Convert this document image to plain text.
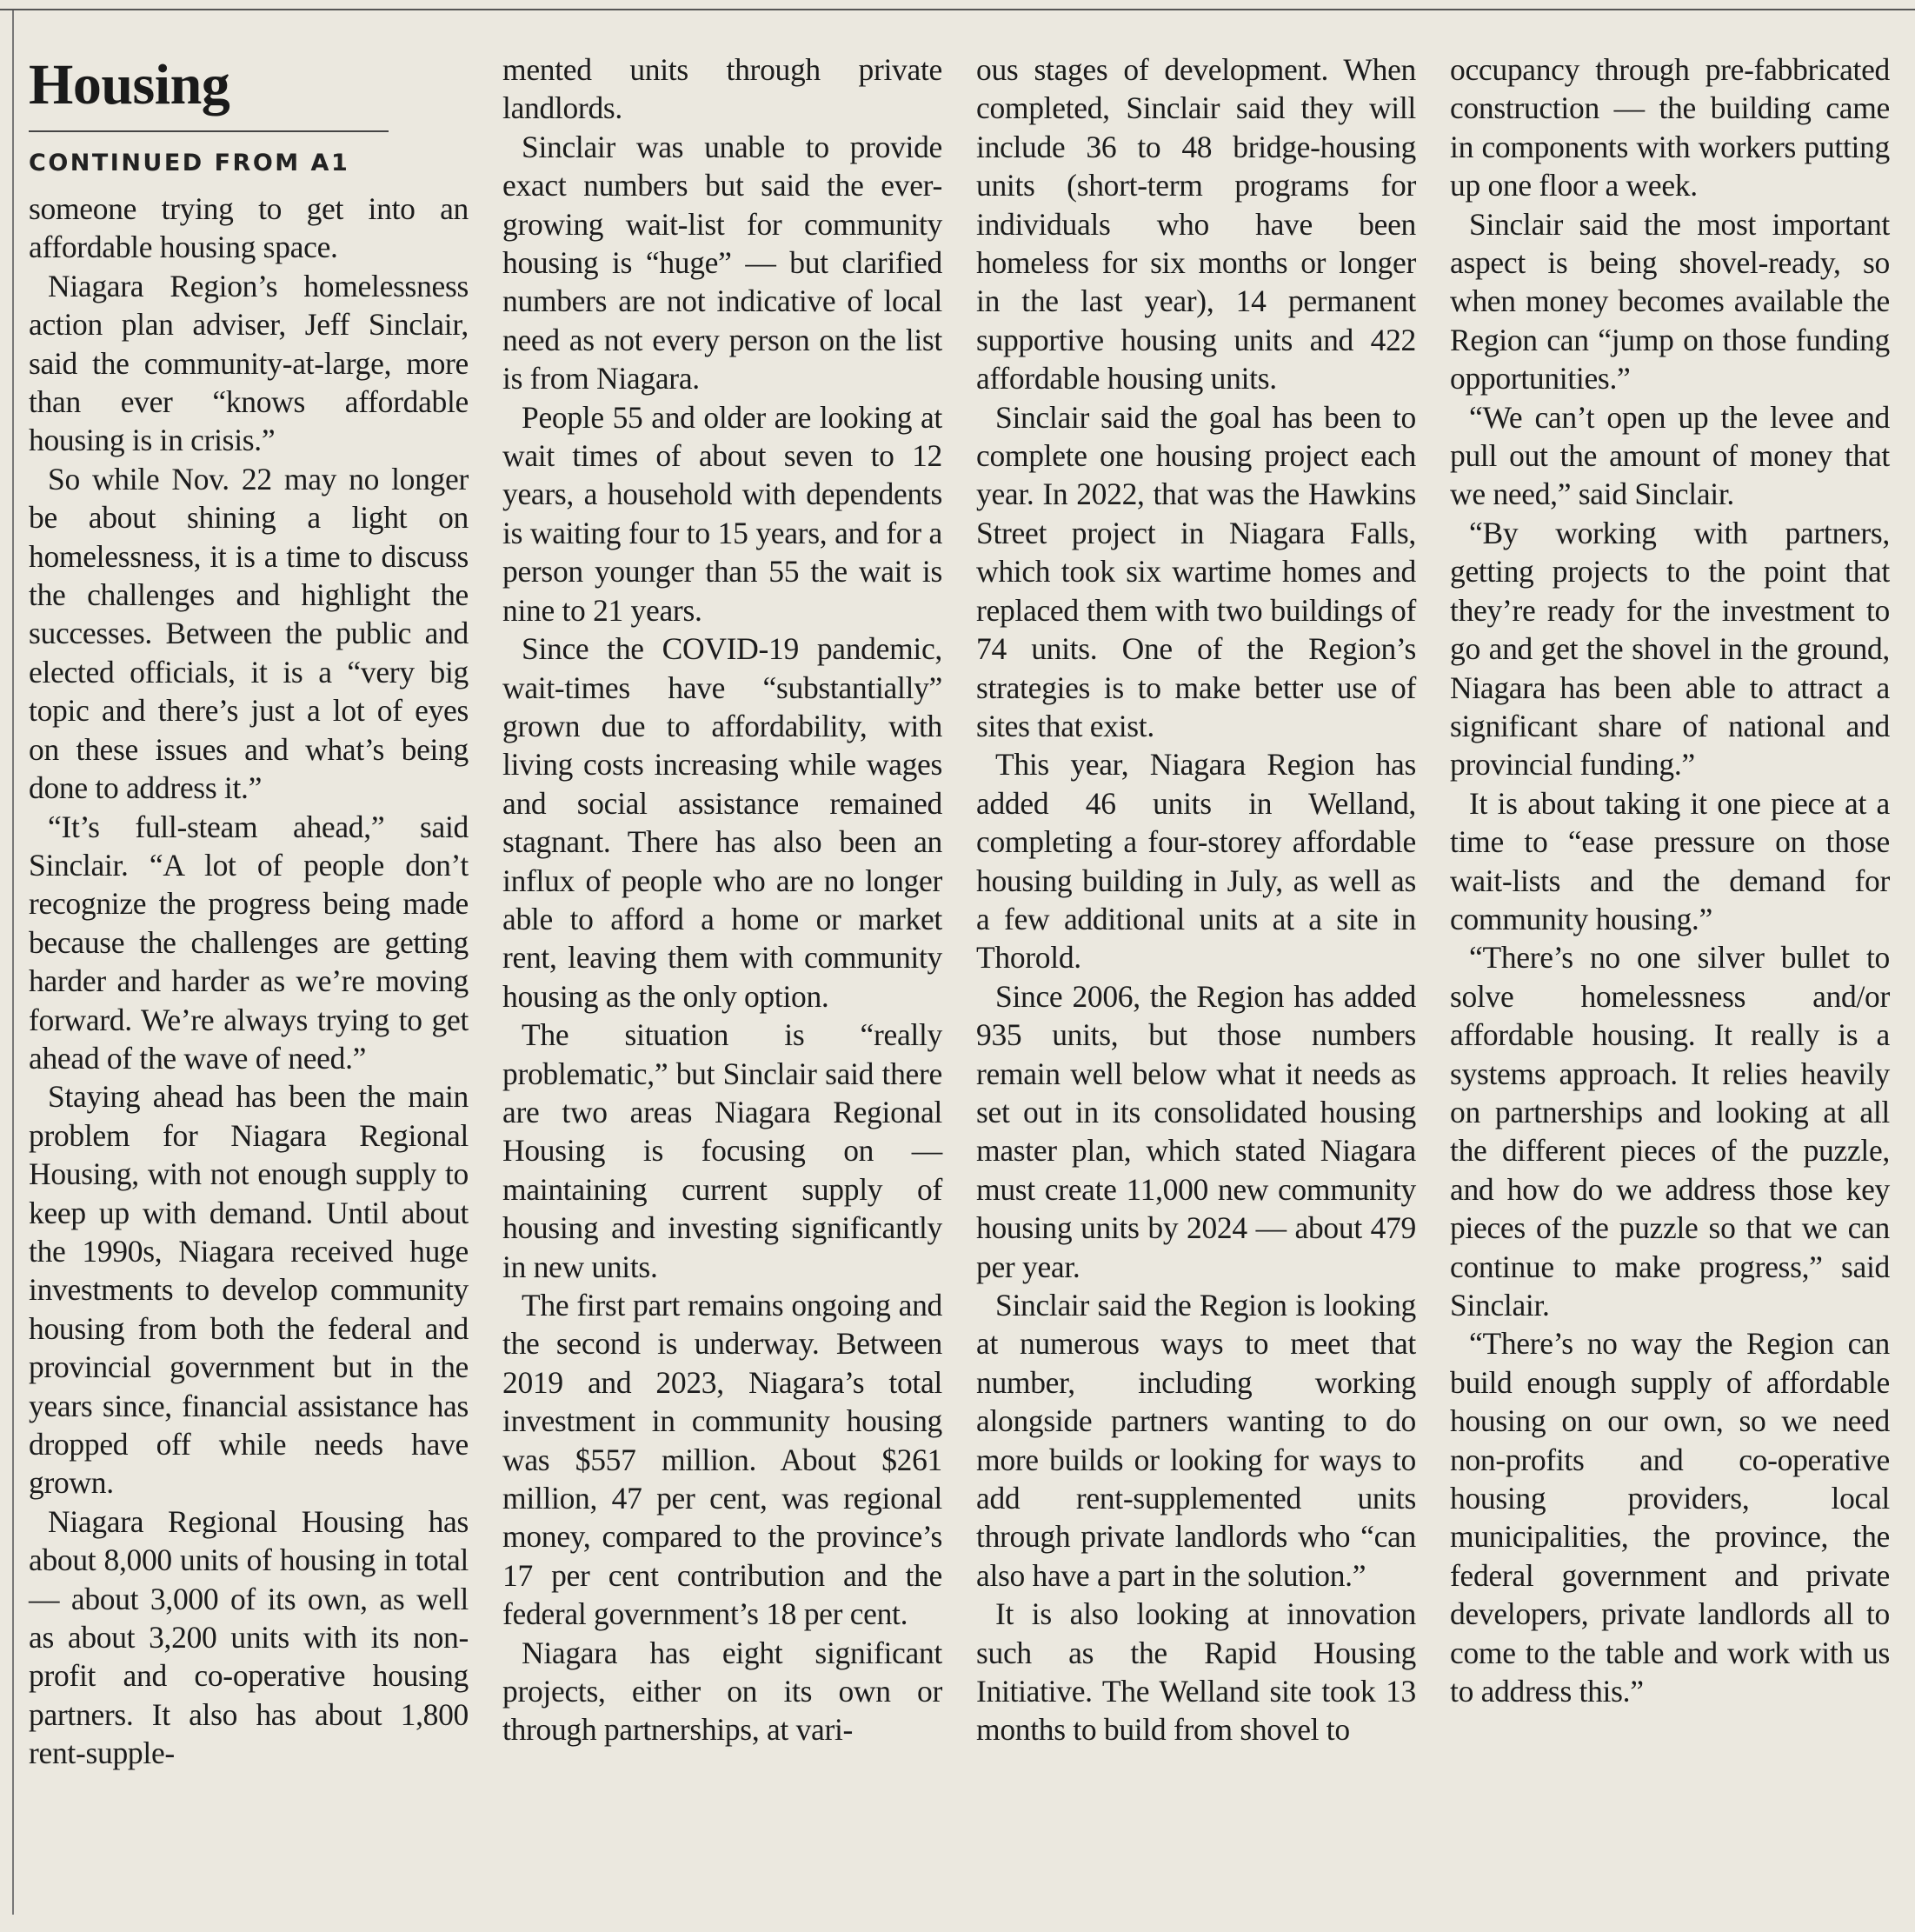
Housing
CONTINUED FROM A1

someone trying to get into an affordable housing space.

Niagara Region’s homelessness action plan adviser, Jeff Sinclair, said the community-at-large, more than ever “knows affordable housing is in crisis.”

So while Nov. 22 may no longer be about shining a light on homelessness, it is a time to discuss the challenges and highlight the successes. Between the public and elected officials, it is a “very big topic and there’s just a lot of eyes on these issues and what’s being done to address it.”

“It’s full-steam ahead,” said Sinclair. “A lot of people don’t recognize the progress being made because the challenges are getting harder and harder as we’re moving forward. We’re always trying to get ahead of the wave of need.”

Staying ahead has been the main problem for Niagara Regional Housing, with not enough supply to keep up with demand. Until about the 1990s, Niagara received huge investments to develop community housing from both the federal and provincial government but in the years since, financial assistance has dropped off while needs have grown.

Niagara Regional Housing has about 8,000 units of housing in total — about 3,000 of its own, as well as about 3,200 units with its non-profit and co-operative housing partners. It also has about 1,800 rent-supple-

mented units through private landlords.

Sinclair was unable to provide exact numbers but said the ever-growing wait-list for community housing is “huge” — but clarified numbers are not indicative of local need as not every person on the list is from Niagara.

People 55 and older are looking at wait times of about seven to 12 years, a household with dependents is waiting four to 15 years, and for a person younger than 55 the wait is nine to 21 years.

Since the COVID-19 pandemic, wait-times have “substantially” grown due to affordability, with living costs increasing while wages and social assistance remained stagnant. There has also been an influx of people who are no longer able to afford a home or market rent, leaving them with community housing as the only option.

The situation is “really problematic,” but Sinclair said there are two areas Niagara Regional Housing is focusing on — maintaining current supply of housing and investing significantly in new units.

The first part remains ongoing and the second is underway. Between 2019 and 2023, Niagara’s total investment in community housing was $557 million. About $261 million, 47 per cent, was regional money, compared to the province’s 17 per cent contribution and the federal government’s 18 per cent.

Niagara has eight significant projects, either on its own or through partnerships, at vari-

ous stages of development. When completed, Sinclair said they will include 36 to 48 bridge-housing units (short-term programs for individuals who have been homeless for six months or longer in the last year), 14 permanent supportive housing units and 422 affordable housing units.

Sinclair said the goal has been to complete one housing project each year. In 2022, that was the Hawkins Street project in Niagara Falls, which took six wartime homes and replaced them with two buildings of 74 units. One of the Region’s strategies is to make better use of sites that exist.

This year, Niagara Region has added 46 units in Welland, completing a four-storey affordable housing building in July, as well as a few additional units at a site in Thorold.

Since 2006, the Region has added 935 units, but those numbers remain well below what it needs as set out in its consolidated housing master plan, which stated Niagara must create 11,000 new community housing units by 2024 — about 479 per year.

Sinclair said the Region is looking at numerous ways to meet that number, including working alongside partners wanting to do more builds or looking for ways to add rent-supplemented units through private landlords who “can also have a part in the solution.”

It is also looking at innovation such as the Rapid Housing Initiative. The Welland site took 13 months to build from shovel to

occupancy through pre-fabbricated construction — the building came in components with workers putting up one floor a week.

Sinclair said the most important aspect is being shovel-ready, so when money becomes available the Region can “jump on those funding opportunities.”

“We can’t open up the levee and pull out the amount of money that we need,” said Sinclair.

“By working with partners, getting projects to the point that they’re ready for the investment to go and get the shovel in the ground, Niagara has been able to attract a significant share of national and provincial funding.”

It is about taking it one piece at a time to “ease pressure on those wait-lists and the demand for community housing.”

“There’s no one silver bullet to solve homelessness and/or affordable housing. It really is a systems approach. It relies heavily on partnerships and looking at all the different pieces of the puzzle, and how do we address those key pieces of the puzzle so that we can continue to make progress,” said Sinclair.

“There’s no way the Region can build enough supply of affordable housing on our own, so we need non-profits and co-operative housing providers, local municipalities, the province, the federal government and private developers, private landlords all to come to the table and work with us to address this.”
